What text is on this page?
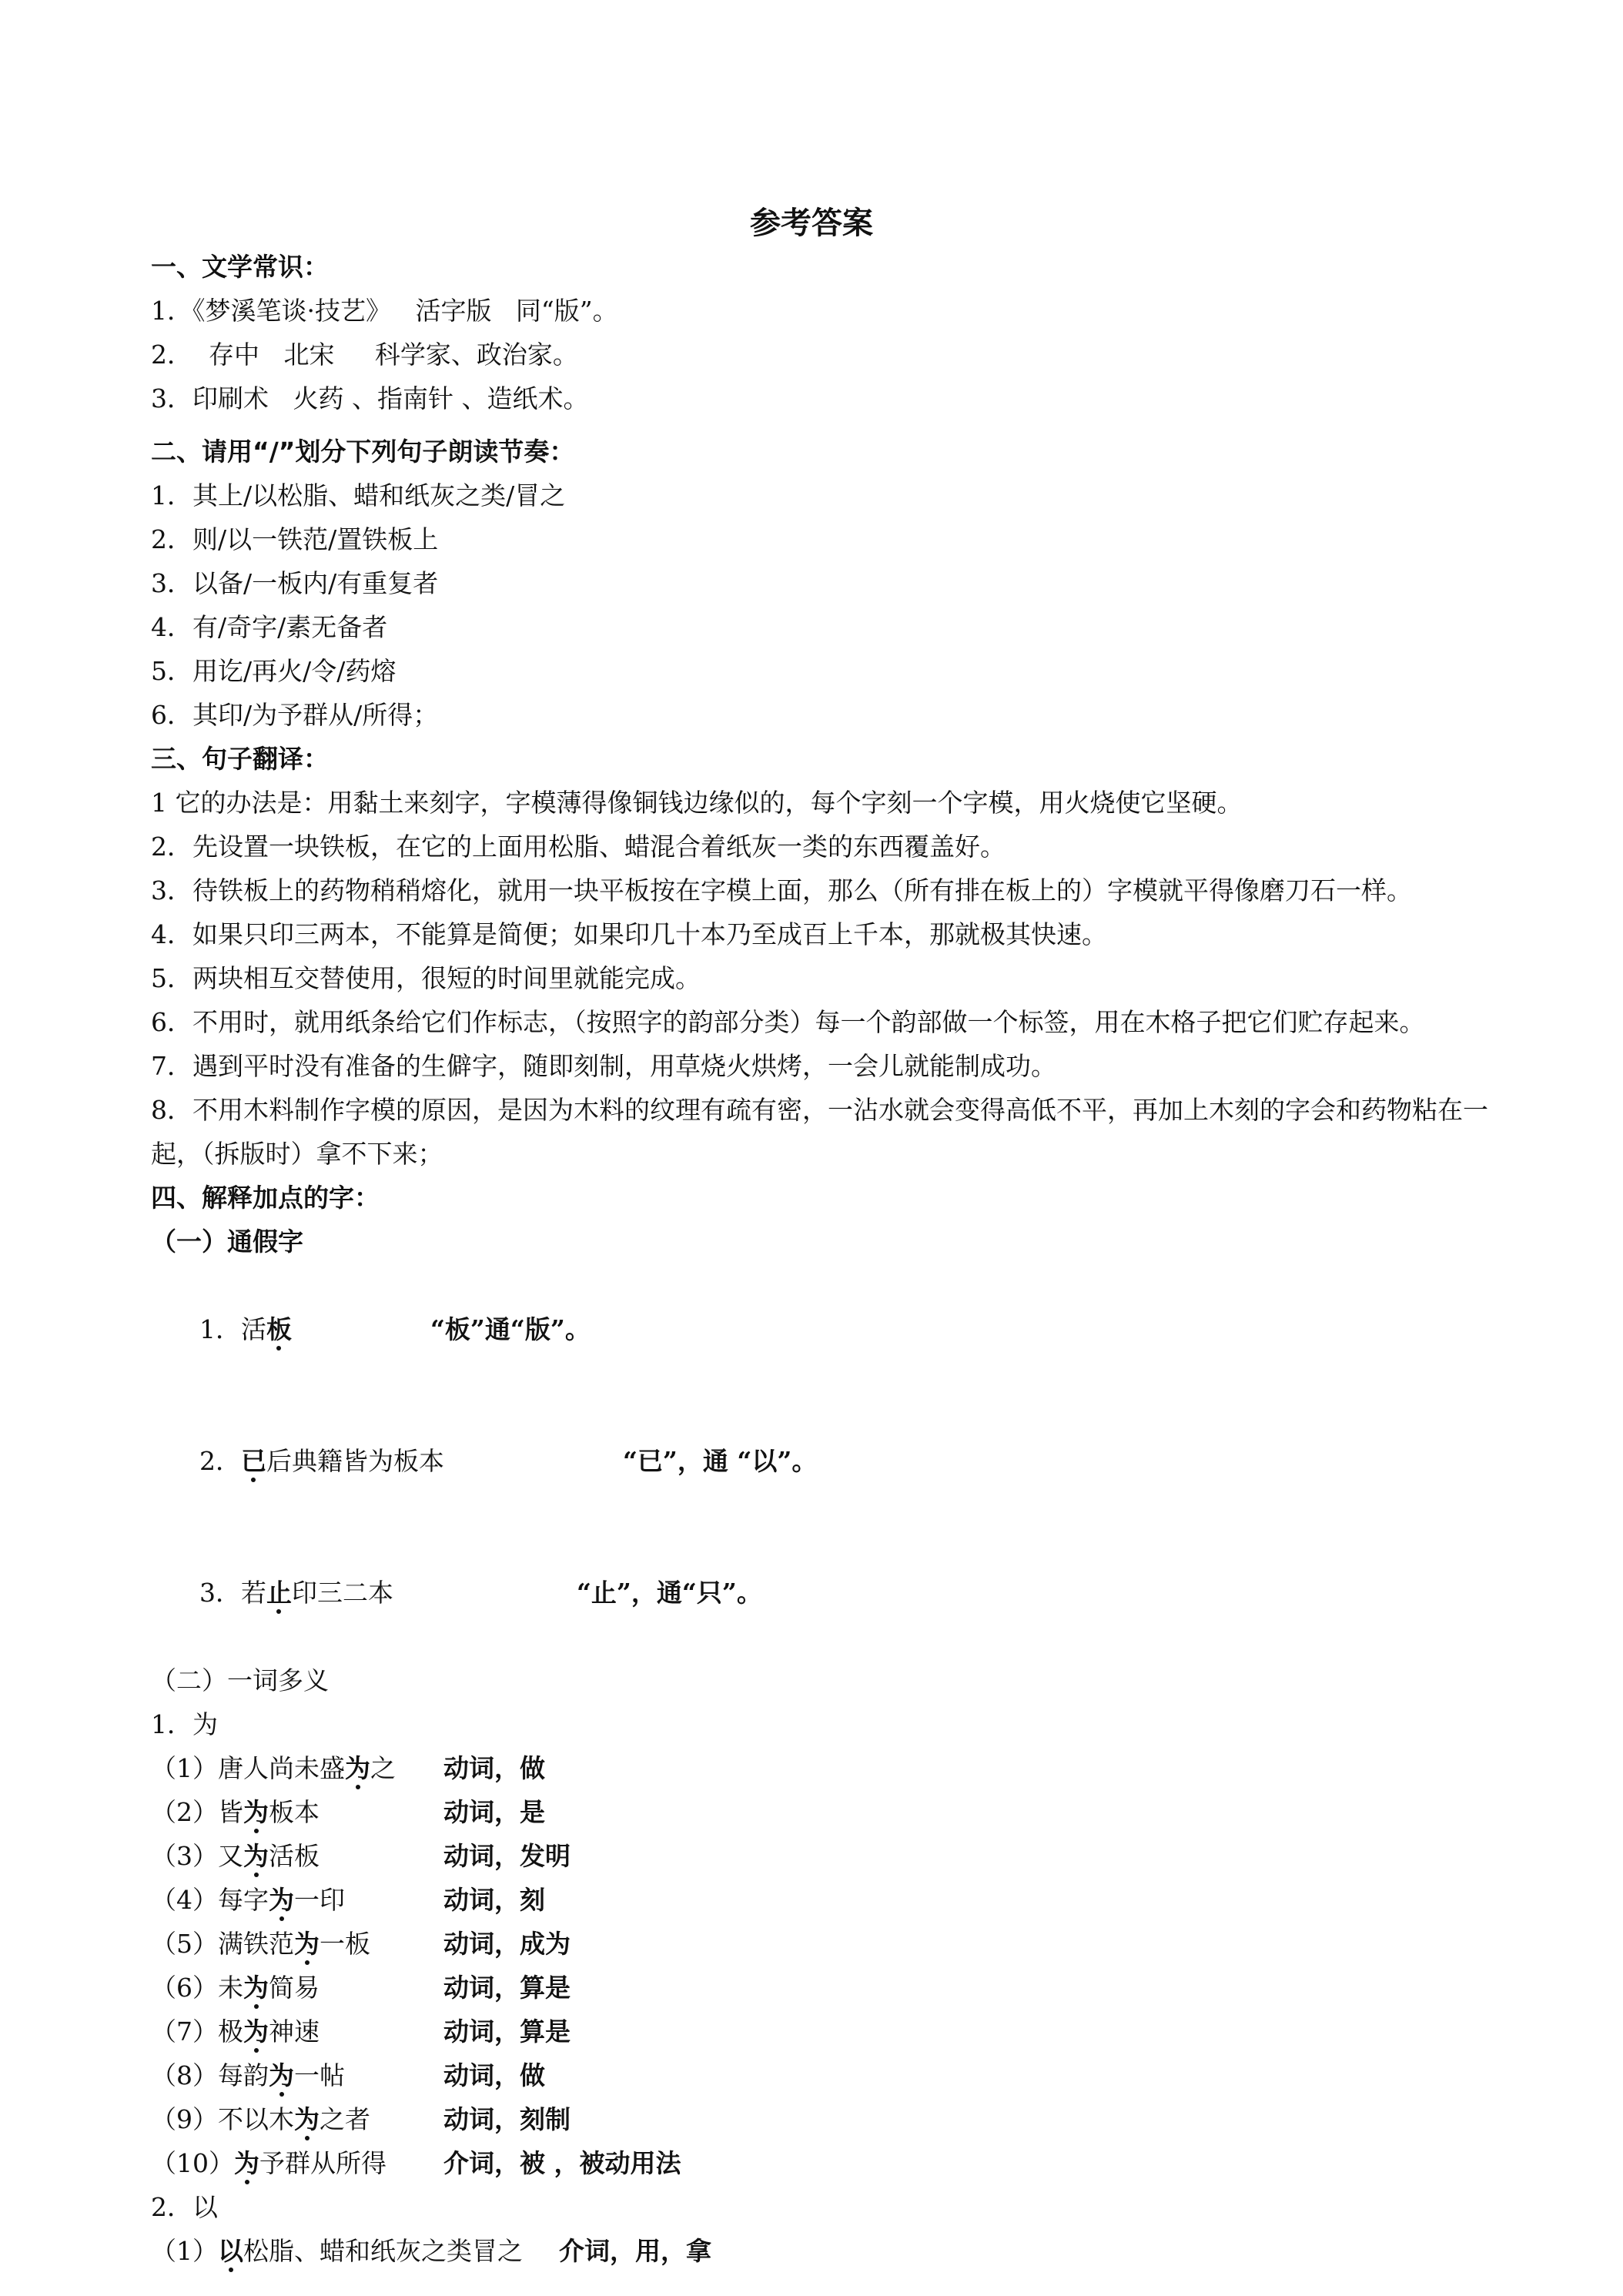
参考答案
一、文学常识：
1．《梦溪笔谈·技艺》   活字版   同“版”。
2．  存中   北宋     科学家、政治家。
3．印刷术   火药 、指南针 、造纸术。
二、请用“/”划分下列句子朗读节奏：
1．其上/以松脂、蜡和纸灰之类/冒之
2．则/以一铁范/置铁板上
3．以备/一板内/有重复者
4．有/奇字/素无备者
5．用讫/再火/令/药熔
6．其印/为予群从/所得；
三、句子翻译：
1 它的办法是：用黏土来刻字，字模薄得像铜钱边缘似的，每个字刻一个字模，用火烧使它坚硬。
2．先设置一块铁板，在它的上面用松脂、蜡混合着纸灰一类的东西覆盖好。
3．待铁板上的药物稍稍熔化，就用一块平板按在字模上面，那么（所有排在板上的）字模就平得像磨刀石一样。
4．如果只印三两本，不能算是简便；如果印几十本乃至成百上千本，那就极其快速。
5．两块相互交替使用，很短的时间里就能完成。
6．不用时，就用纸条给它们作标志，（按照字的韵部分类）每一个韵部做一个标签，用在木格子把它们贮存起来。
7．遇到平时没有准备的生僻字，随即刻制，用草烧火烘烤，一会儿就能制成功。
8．不用木料制作字模的原因，是因为木料的纹理有疏有密，一沾水就会变得高低不平，再加上木刻的字会和药物粘在一起，（拆版时）拿不下来；
四、解释加点的字：
（一）通假字

1．活板	“板”通“版”。

2．已后典籍皆为板本	“已”，通 “以”。

3．若止印三二本	“止”，通“只”。

（二）一词多义
1．为
（1）唐人尚未盛为之 动词，做
（2）皆为板本	动词，是
（3）又为活板	动词，发明
（4）每字为一印	动词，刻
（5）满铁范为一板	动词，成为
（6）未为简易	动词，算是
（7）极为神速	动词，算是
（8）每韵为一帖	动词，做
（9）不以木为之者	动词，刻制
（10）为予群从所得 介词，被 ，被动用法
2．以
（1）以松脂、蜡和纸灰之类冒之 介词，用，拿
